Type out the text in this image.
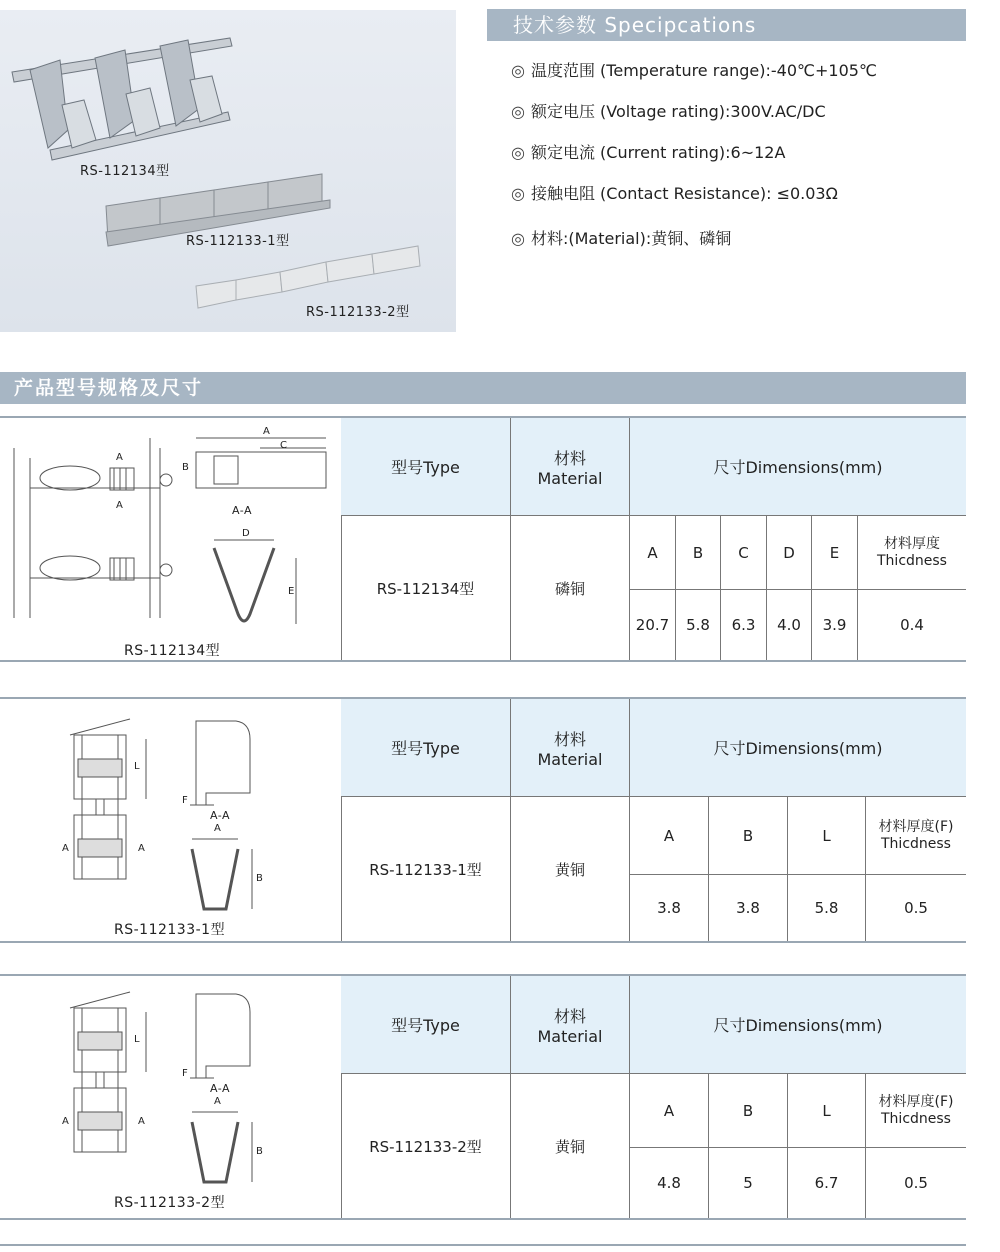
RS-112134型
RS-112133-1型
RS-112133-2型
技术参数 Specipcations
◎ 温度范围 (Temperature range):-40℃+105℃
◎ 额定电压 (Voltage rating):300V.AC/DC
◎ 额定电流 (Current rating):6~12A
◎ 接触电阻 (Contact Resistance): ≤0.03Ω
◎ 材料:(Material):黄铜、磷铜
产品型号规格及尺寸
A
A
A
B
C
A-A
D
E
RS-112134型
型号Type	材料
Material
尺寸Dimensions(mm)
RS-112134型	磷铜
A	B	C	D	E	材料厚度
Thicdness
20.7	5.8	6.3	4.0	3.9	0.4
L
F
A-A
A
A	A
B
RS-112133-1型
型号Type	材料
Material
尺寸Dimensions(mm)
RS-112133-1型	黄铜
A	B	L	材料厚度(F)
Thicdness
3.8	3.8	5.8	0.5
L
F
A-A
A
A	A
B
RS-112133-2型
型号Type	材料
Material
尺寸Dimensions(mm)
RS-112133-2型	黄铜
A	B	L	材料厚度(F)
Thicdness
4.8	5	6.7	0.5
